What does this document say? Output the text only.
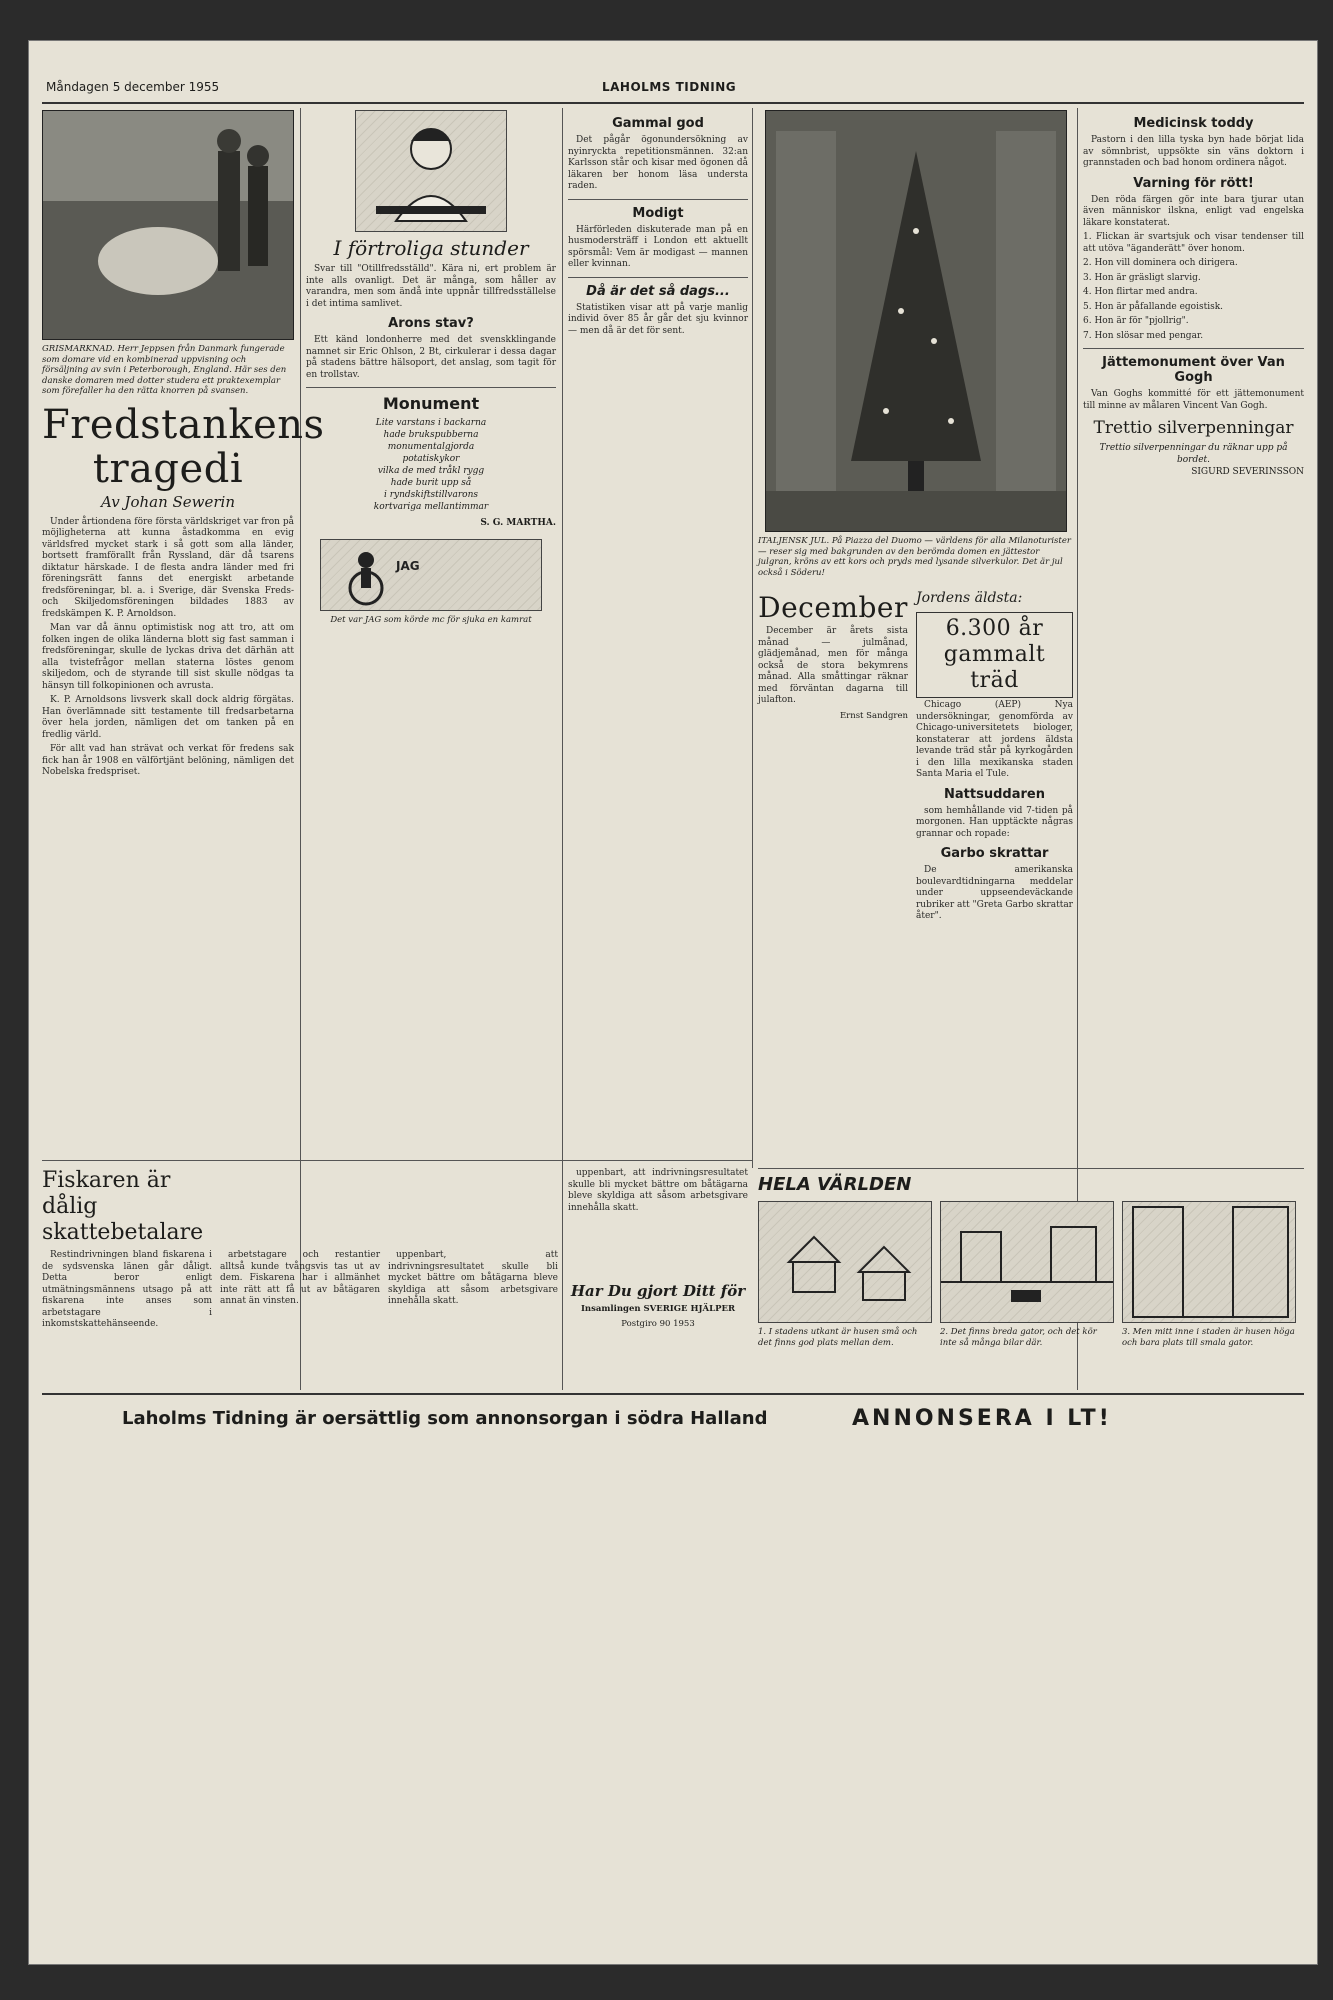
Måndagen 5 december 1955	LAHOLMS TIDNING
GRISMARKNAD. Herr Jeppsen från Danmark fungerade som domare vid en kombinerad uppvisning och försäljning av svin i Peterborough, England. Här ses den danske domaren med dotter studera ett praktexemplar som förefaller ha den rätta knorren på svansen.
Fredstankens tragedi
Av Johan Sewerin

Under årtiondena före första världskriget var fron på möjligheterna att kunna åstadkomma en evig världsfred mycket stark i så gott som alla länder, bortsett framförallt från Ryssland, där då tsarens diktatur härskade. I de flesta andra länder med fri föreningsrätt fanns det energiskt arbetande fredsföreningar, bl. a. i Sverige, där Svenska Freds- och Skiljedomsföreningen bildades 1883 av fredskämpen K. P. Arnoldson.

Man var då ännu optimistisk nog att tro, att om folken ingen de olika länderna blott sig fast samman i fredsföreningar, skulle de lyckas driva det därhän att alla tvistefrågor mellan staterna löstes genom skiljedom, och de styrande till sist skulle nödgas ta hänsyn till folkopinionen och avrusta.

K. P. Arnoldsons livsverk skall dock aldrig förgätas. Han överlämnade sitt testamente till fredsarbetarna över hela jorden, nämligen det om tanken på en fredlig värld.

För allt vad han strävat och verkat för fredens sak fick han år 1908 en välförtjänt belöning, nämligen det Nobelska fredspriset.

I förtroliga stunder

Svar till "Otillfredsställd". Kära ni, ert problem är inte alls ovanligt. Det är många, som håller av varandra, men som ändå inte uppnår tillfredsställelse i det intima samlivet.

Arons stav?

Ett känd londonherre med det svenskklingande namnet sir Eric Ohlson, 2 Bt, cirkulerar i dessa dagar på stadens bättre hälsoport, det anslag, som tagit för en trollstav.

Monument
Lite varstans i backarna
hade brukspubberna
monumentalgjorda
potatiskykor
vilka de med tråkl rygg
hade burit upp så
i ryndskiftstillvarons
kortvariga mellantimmar
S. G. MARTHA.
JAG
Det var JAG som körde mc för sjuka en kamrat
Gammal god

Det pågår ögonundersökning av nyinryckta repetitionsmännen. 32:an Karlsson står och kisar med ögonen då läkaren ber honom läsa understa raden.

Modigt

Härförleden diskuterade man på en husmodersträff i London ett aktuellt spörsmål: Vem är modigast — mannen eller kvinnan.

Då är det så dags...

Statistiken visar att på varje manlig individ över 85 år går det sju kvinnor — men då är det för sent.

ITALJENSK JUL. På Piazza del Duomo — världens för alla Milanoturister — reser sig med bakgrunden av den berömda domen en jättestor julgran, kröns av ett kors och pryds med lysande silverkulor. Det är jul också i Söderu!
December

December är årets sista månad — julmånad, glädjemånad, men för många också de stora bekymrens månad. Alla småttingar räknar med förväntan dagarna till julafton.

Ernst Sandgren
Jordens äldsta:
6.300 år gammalt träd

Chicago (AEP) Nya undersökningar, genomförda av Chicago-universitetets biologer, konstaterar att jordens äldsta levande träd står på kyrkogården i den lilla mexikanska staden Santa Maria el Tule.

Nattsuddaren

som hemhållande vid 7-tiden på morgonen. Han upptäckte någras grannar och ropade:

Garbo skrattar

De amerikanska boulevardtidningarna meddelar under uppseendeväckande rubriker att "Greta Garbo skrattar åter".

Medicinsk toddy

Pastorn i den lilla tyska byn hade börjat lida av sömnbrist, uppsökte sin väns doktorn i grannstaden och bad honom ordinera något.

Varning för rött!

Den röda färgen gör inte bara tjurar utan även människor ilskna, enligt vad engelska läkare konstaterat.

1. Flickan är svartsjuk och visar tendenser till att utöva "äganderätt" över honom.

2. Hon vill dominera och dirigera.

3. Hon är gräsligt slarvig.

4. Hon flirtar med andra.

5. Hon är påfallande egoistisk.

6. Hon är för "pjollrig".

7. Hon slösar med pengar.

Jättemonument över Van Gogh

Van Goghs kommitté för ett jättemonument till minne av målaren Vincent Van Gogh.

Trettio silverpenningar
Trettio silverpenningar du räknar upp på bordet.
SIGURD SEVERINSSON
Fiskaren är dålig skattebetalare

Restindrivningen bland fiskarena i de sydsvenska länen går dåligt. Detta beror enligt utmätningsmännens utsago på att fiskarena inte anses som arbetstagare i inkomstskattehänseende.

arbetstagare och restantier alltså kunde tvångsvis tas ut av dem. Fiskarena har i allmänhet inte rätt att få ut av båtägaren annat än vinsten.

uppenbart, att indrivningsresultatet skulle bli mycket bättre om båtägarna bleve skyldiga att såsom arbetsgivare innehålla skatt.

uppenbart, att indrivningsresultatet skulle bli mycket bättre om båtägarna bleve skyldiga att såsom arbetsgivare innehålla skatt.

Har Du gjort Ditt för
Insamlingen SVERIGE HJÄLPER
Postgiro 90 1953
HELA VÄRLDEN
1. I stadens utkant är husen små och det finns god plats mellan dem.
2. Det finns breda gator, och det kör inte så många bilar där.
3. Men mitt inne i staden är husen höga och bara plats till smala gator.
Laholms Tidning är oersättlig som annonsorgan i södra Halland	ANNONSERA I LT!
